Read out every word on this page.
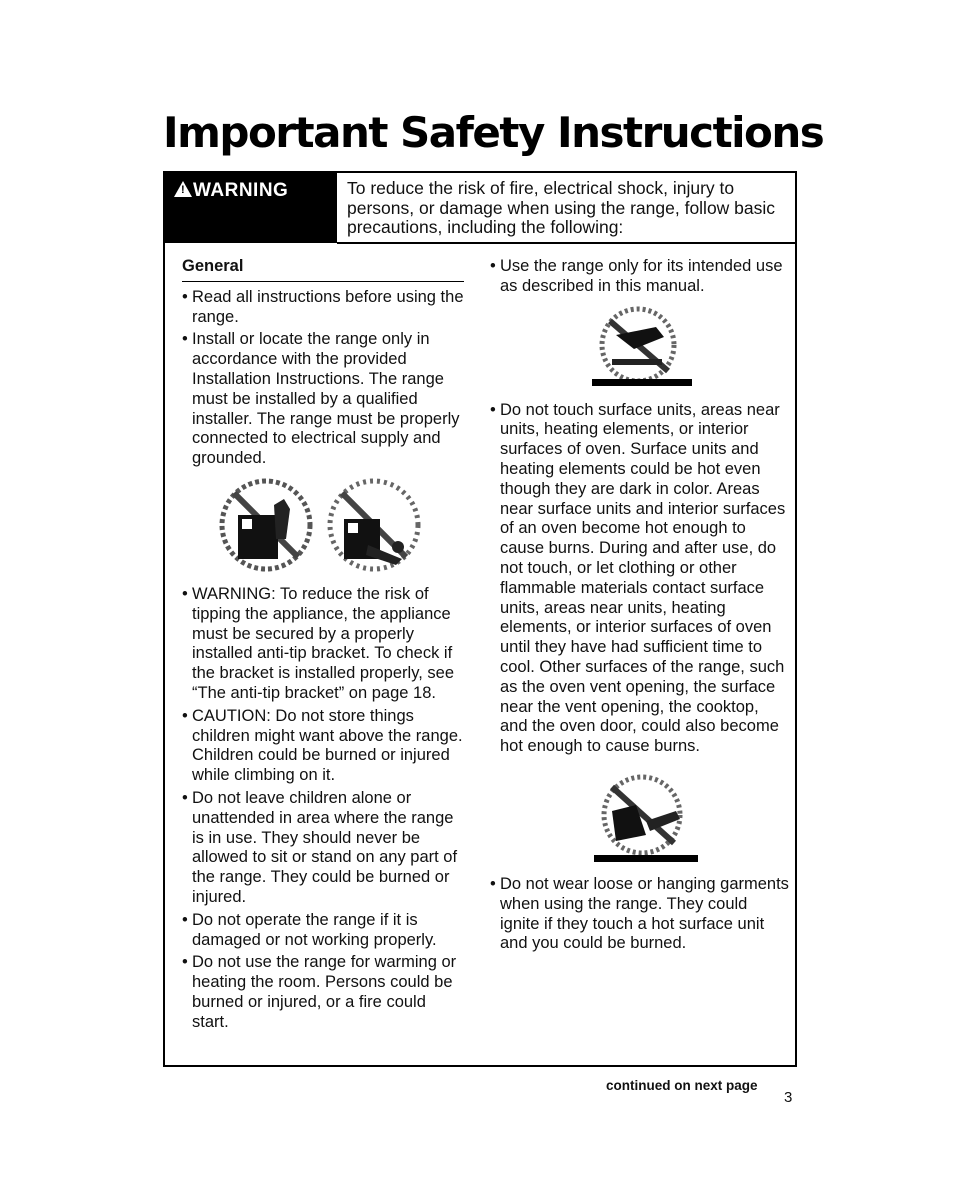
Important Safety Instructions
!WARNING	To reduce the risk of fire, electrical shock, injury to persons, or damage when using the range, follow basic precautions, including the following:
General

• Read all instructions before using the range.

• Install or locate the range only in accordance with the provided Installation Instructions. The range must be installed by a qualified installer. The range must be properly connected to electrical supply and grounded.

• WARNING: To reduce the risk of tipping the appliance, the appliance must be secured by a properly installed anti-tip bracket. To check if the bracket is installed properly, see “The anti-tip bracket” on page 18.

• CAUTION: Do not store things children might want above the range. Children could be burned or injured while climbing on it.

• Do not leave children alone or unattended in area where the range is in use. They should never be allowed to sit or stand on any part of the range. They could be burned or injured.

• Do not operate the range if it is damaged or not working properly.

• Do not use the range for warming or heating the room. Persons could be burned or injured, or a fire could start.

• Use the range only for its intended use as described in this manual.

• Do not touch surface units, areas near units, heating elements, or interior surfaces of oven. Surface units and heating elements could be hot even though they are dark in color. Areas near surface units and interior surfaces of an oven become hot enough to cause burns. During and after use, do not touch, or let clothing or other flammable materials contact surface units, areas near units, heating elements, or interior surfaces of oven until they have had sufficient time to cool. Other surfaces of the range, such as the oven vent opening, the surface near the vent opening, the cooktop, and the oven door, could also become hot enough to cause burns.

• Do not wear loose or hanging garments when using the range. They could ignite if they touch a hot surface unit and you could be burned.

continued on next page
3
